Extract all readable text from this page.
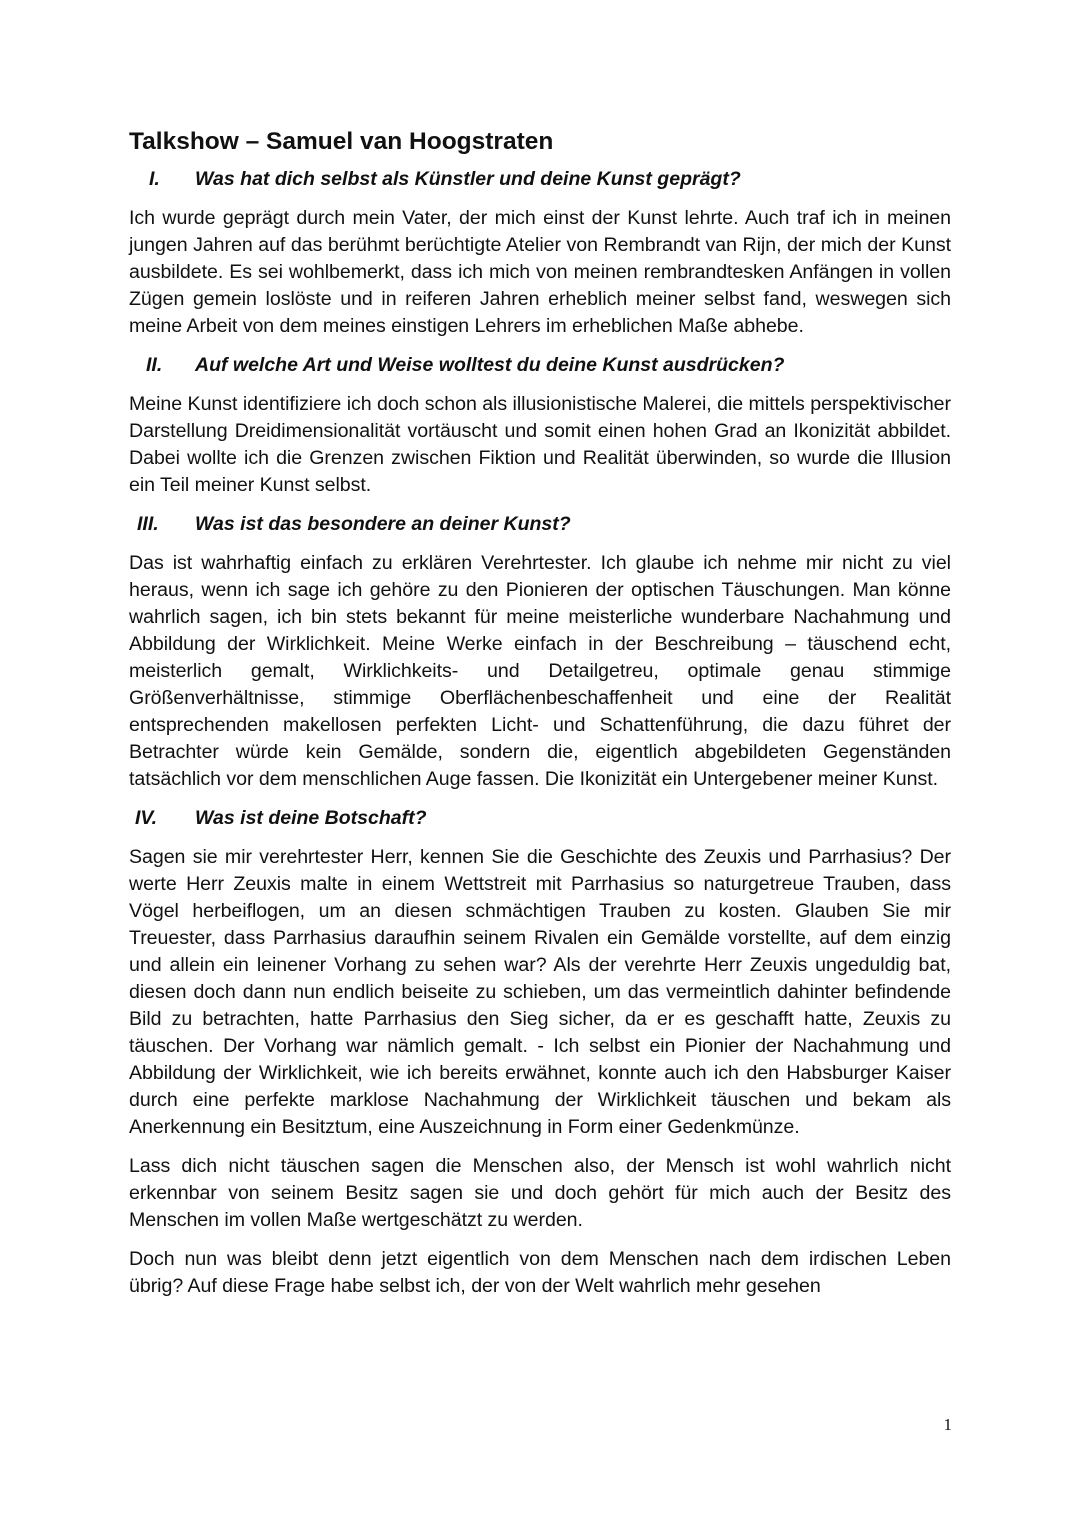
Talkshow – Samuel van Hoogstraten
I.	Was hat dich selbst als Künstler und deine Kunst geprägt?

Ich wurde geprägt durch mein Vater, der mich einst der Kunst lehrte. Auch traf ich in meinen jungen Jahren auf das berühmt berüchtigte Atelier von Rembrandt van Rijn, der mich der Kunst ausbildete. Es sei wohlbemerkt, dass ich mich von meinen rembrandtesken Anfängen in vollen Zügen gemein loslöste und in reiferen Jahren erheblich meiner selbst fand, weswegen sich meine Arbeit von dem meines einstigen Lehrers im erheblichen Maße abhebe.

II.	Auf welche Art und Weise wolltest du deine Kunst ausdrücken?

Meine Kunst identifiziere ich doch schon als illusionistische Malerei, die mittels perspektivischer Darstellung Dreidimensionalität vortäuscht und somit einen hohen Grad an Ikonizität abbildet. Dabei wollte ich die Grenzen zwischen Fiktion und Realität überwinden, so wurde die Illusion ein Teil meiner Kunst selbst.

III.	Was ist das besondere an deiner Kunst?

Das ist wahrhaftig einfach zu erklären Verehrtester. Ich glaube ich nehme mir nicht zu viel heraus, wenn ich sage ich gehöre zu den Pionieren der optischen Täuschungen. Man könne wahrlich sagen, ich bin stets bekannt für meine meisterliche wunderbare Nachahmung und Abbildung der Wirklichkeit. Meine Werke einfach in der Beschreibung – täuschend echt, meisterlich gemalt, Wirklichkeits- und Detailgetreu, optimale genau stimmige Größenverhältnisse, stimmige Oberflächenbeschaffenheit und eine der Realität entsprechenden makellosen perfekten Licht- und Schattenführung, die dazu führet der Betrachter würde kein Gemälde, sondern die, eigentlich abgebildeten Gegenständen tatsächlich vor dem menschlichen Auge fassen. Die Ikonizität ein Untergebener meiner Kunst.

IV.	Was ist deine Botschaft?

Sagen sie mir verehrtester Herr, kennen Sie die Geschichte des Zeuxis und Parrhasius? Der werte Herr Zeuxis malte in einem Wettstreit mit Parrhasius so naturgetreue Trauben, dass Vögel herbeiflogen, um an diesen schmächtigen Trauben zu kosten. Glauben Sie mir Treuester, dass Parrhasius daraufhin seinem Rivalen ein Gemälde vorstellte, auf dem einzig und allein ein leinener Vorhang zu sehen war? Als der verehrte Herr Zeuxis ungeduldig bat, diesen doch dann nun endlich beiseite zu schieben, um das vermeintlich dahinter befindende Bild zu betrachten, hatte Parrhasius den Sieg sicher, da er es geschafft hatte, Zeuxis zu täuschen. Der Vorhang war nämlich gemalt. - Ich selbst ein Pionier der Nachahmung und Abbildung der Wirklichkeit, wie ich bereits erwähnet, konnte auch ich den Habsburger Kaiser durch eine perfekte marklose Nachahmung der Wirklichkeit täuschen und bekam als Anerkennung ein Besitztum, eine Auszeichnung in Form einer Gedenkmünze.

Lass dich nicht täuschen sagen die Menschen also, der Mensch ist wohl wahrlich nicht erkennbar von seinem Besitz sagen sie und doch gehört für mich auch der Besitz des Menschen im vollen Maße wertgeschätzt zu werden.

Doch nun was bleibt denn jetzt eigentlich von dem Menschen nach dem irdischen Leben übrig? Auf diese Frage habe selbst ich, der von der Welt wahrlich mehr gesehen

1
